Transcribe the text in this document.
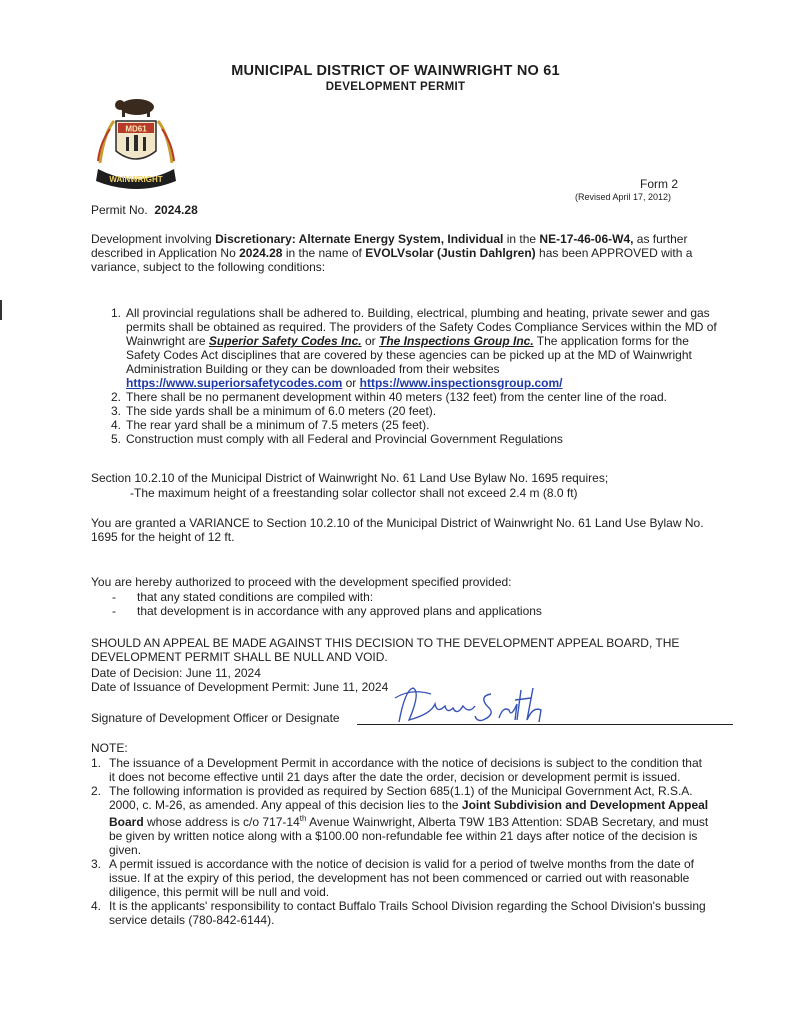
MUNICIPAL DISTRICT OF WAINWRIGHT NO 61
DEVELOPMENT PERMIT
MD61
WAINWRIGHT	Form 2
(Revised April 17, 2012)
Permit No. 2024.28

Development involving Discretionary: Alternate Energy System, Individual in the NE-17-46-06-W4, as further described in Application No 2024.28 in the name of EVOLVsolar (Justin Dahlgren) has been APPROVED with a variance, subject to the following conditions:

1. All provincial regulations shall be adhered to. Building, electrical, plumbing and heating, private sewer and gas permits shall be obtained as required. The providers of the Safety Codes Compliance Services within the MD of Wainwright are Superior Safety Codes Inc. or The Inspections Group Inc. The application forms for the Safety Codes Act disciplines that are covered by these agencies can be picked up at the MD of Wainwright Administration Building or they can be downloaded from their websites https://www.superiorsafetycodes.com or https://www.inspectionsgroup.com/
2. There shall be no permanent development within 40 meters (132 feet) from the center line of the road.
3. The side yards shall be a minimum of 6.0 meters (20 feet).
4. The rear yard shall be a minimum of 7.5 meters (25 feet).
5. Construction must comply with all Federal and Provincial Government Regulations

Section 10.2.10 of the Municipal District of Wainwright No. 61 Land Use Bylaw No. 1695 requires;

-The maximum height of a freestanding solar collector shall not exceed 2.4 m (8.0 ft)

You are granted a VARIANCE to Section 10.2.10 of the Municipal District of Wainwright No. 61 Land Use Bylaw No. 1695 for the height of 12 ft.

You are hereby authorized to proceed with the development specified provided:

- that any stated conditions are compiled with:
- that development is in accordance with any approved plans and applications

SHOULD AN APPEAL BE MADE AGAINST THIS DECISION TO THE DEVELOPMENT APPEAL BOARD, THE DEVELOPMENT PERMIT SHALL BE NULL AND VOID.

Date of Decision: June 11, 2024
Date of Issuance of Development Permit: June 11, 2024
Signature of Development Officer or Designate
NOTE:
1. The issuance of a Development Permit in accordance with the notice of decisions is subject to the condition that it does not become effective until 21 days after the date the order, decision or development permit is issued.
2. The following information is provided as required by Section 685(1.1) of the Municipal Government Act, R.S.A. 2000, c. M-26, as amended. Any appeal of this decision lies to the Joint Subdivision and Development Appeal Board whose address is c/o 717-14th Avenue Wainwright, Alberta T9W 1B3 Attention: SDAB Secretary, and must be given by written notice along with a $100.00 non-refundable fee within 21 days after notice of the decision is given.
3. A permit issued is accordance with the notice of decision is valid for a period of twelve months from the date of issue. If at the expiry of this period, the development has not been commenced or carried out with reasonable diligence, this permit will be null and void.
4. It is the applicants' responsibility to contact Buffalo Trails School Division regarding the School Division's bussing service details (780-842-6144).
